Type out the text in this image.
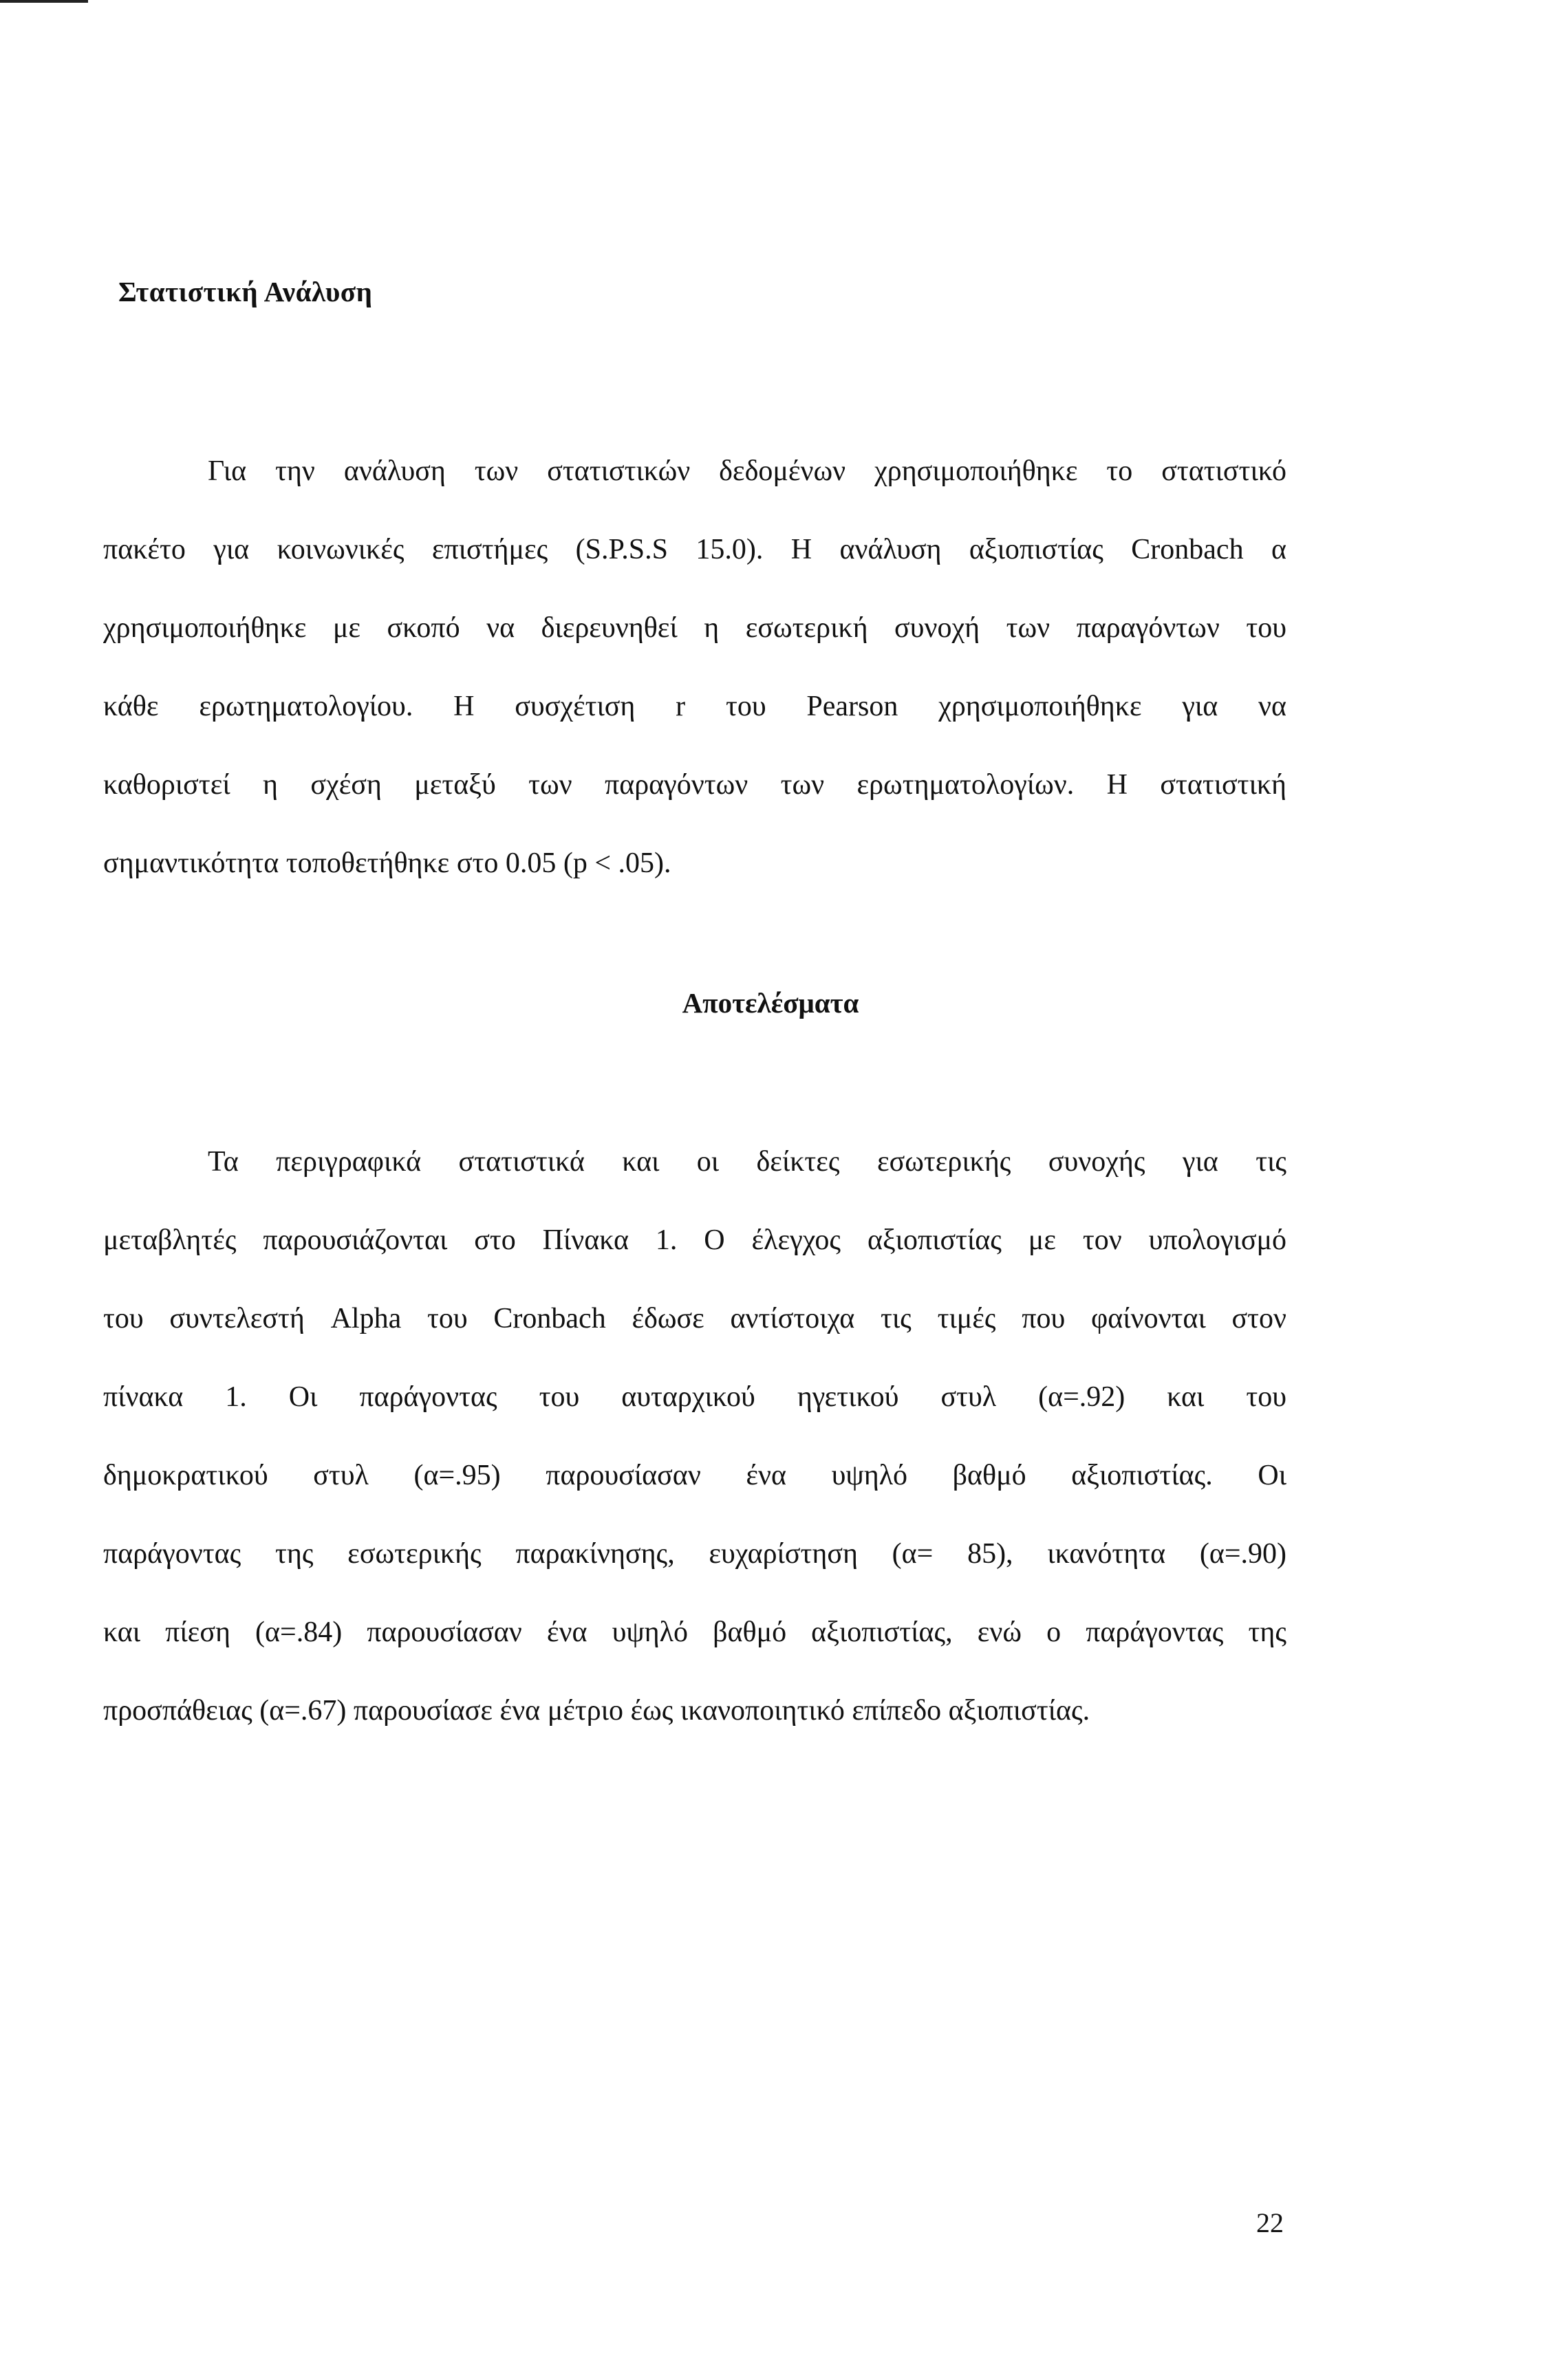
Στατιστική Ανάλυση

Για την ανάλυση των στατιστικών δεδομένων χρησιμοποιήθηκε το στατιστικό
πακέτο για κοινωνικές επιστήμες (S.P.S.S 15.0). Η ανάλυση αξιοπιστίας Cronbach α
χρησιμοποιήθηκε με σκοπό να διερευνηθεί η εσωτερική συνοχή των παραγόντων του
κάθε ερωτηματολογίου. Η συσχέτιση r του Pearson χρησιμοποιήθηκε για να
καθοριστεί η σχέση μεταξύ των παραγόντων των ερωτηματολογίων. Η στατιστική
σημαντικότητα τοποθετήθηκε στο 0.05 (p < .05).

Αποτελέσματα

Τα περιγραφικά στατιστικά και οι δείκτες εσωτερικής συνοχής για τις
μεταβλητές παρουσιάζονται στο Πίνακα 1. Ο έλεγχος αξιοπιστίας με τον υπολογισμό
του συντελεστή Alpha του Cronbach έδωσε αντίστοιχα τις τιμές που φαίνονται στον
πίνακα 1. Οι παράγοντας του αυταρχικού ηγετικού στυλ (α=.92) και του
δημοκρατικού στυλ (α=.95) παρουσίασαν ένα υψηλό βαθμό αξιοπιστίας. Οι
παράγοντας της εσωτερικής παρακίνησης, ευχαρίστηση (α= 85), ικανότητα (α=.90)
και πίεση (α=.84) παρουσίασαν ένα υψηλό βαθμό αξιοπιστίας, ενώ ο παράγοντας της
προσπάθειας (α=.67) παρουσίασε ένα μέτριο έως ικανοποιητικό επίπεδο αξιοπιστίας.

22
